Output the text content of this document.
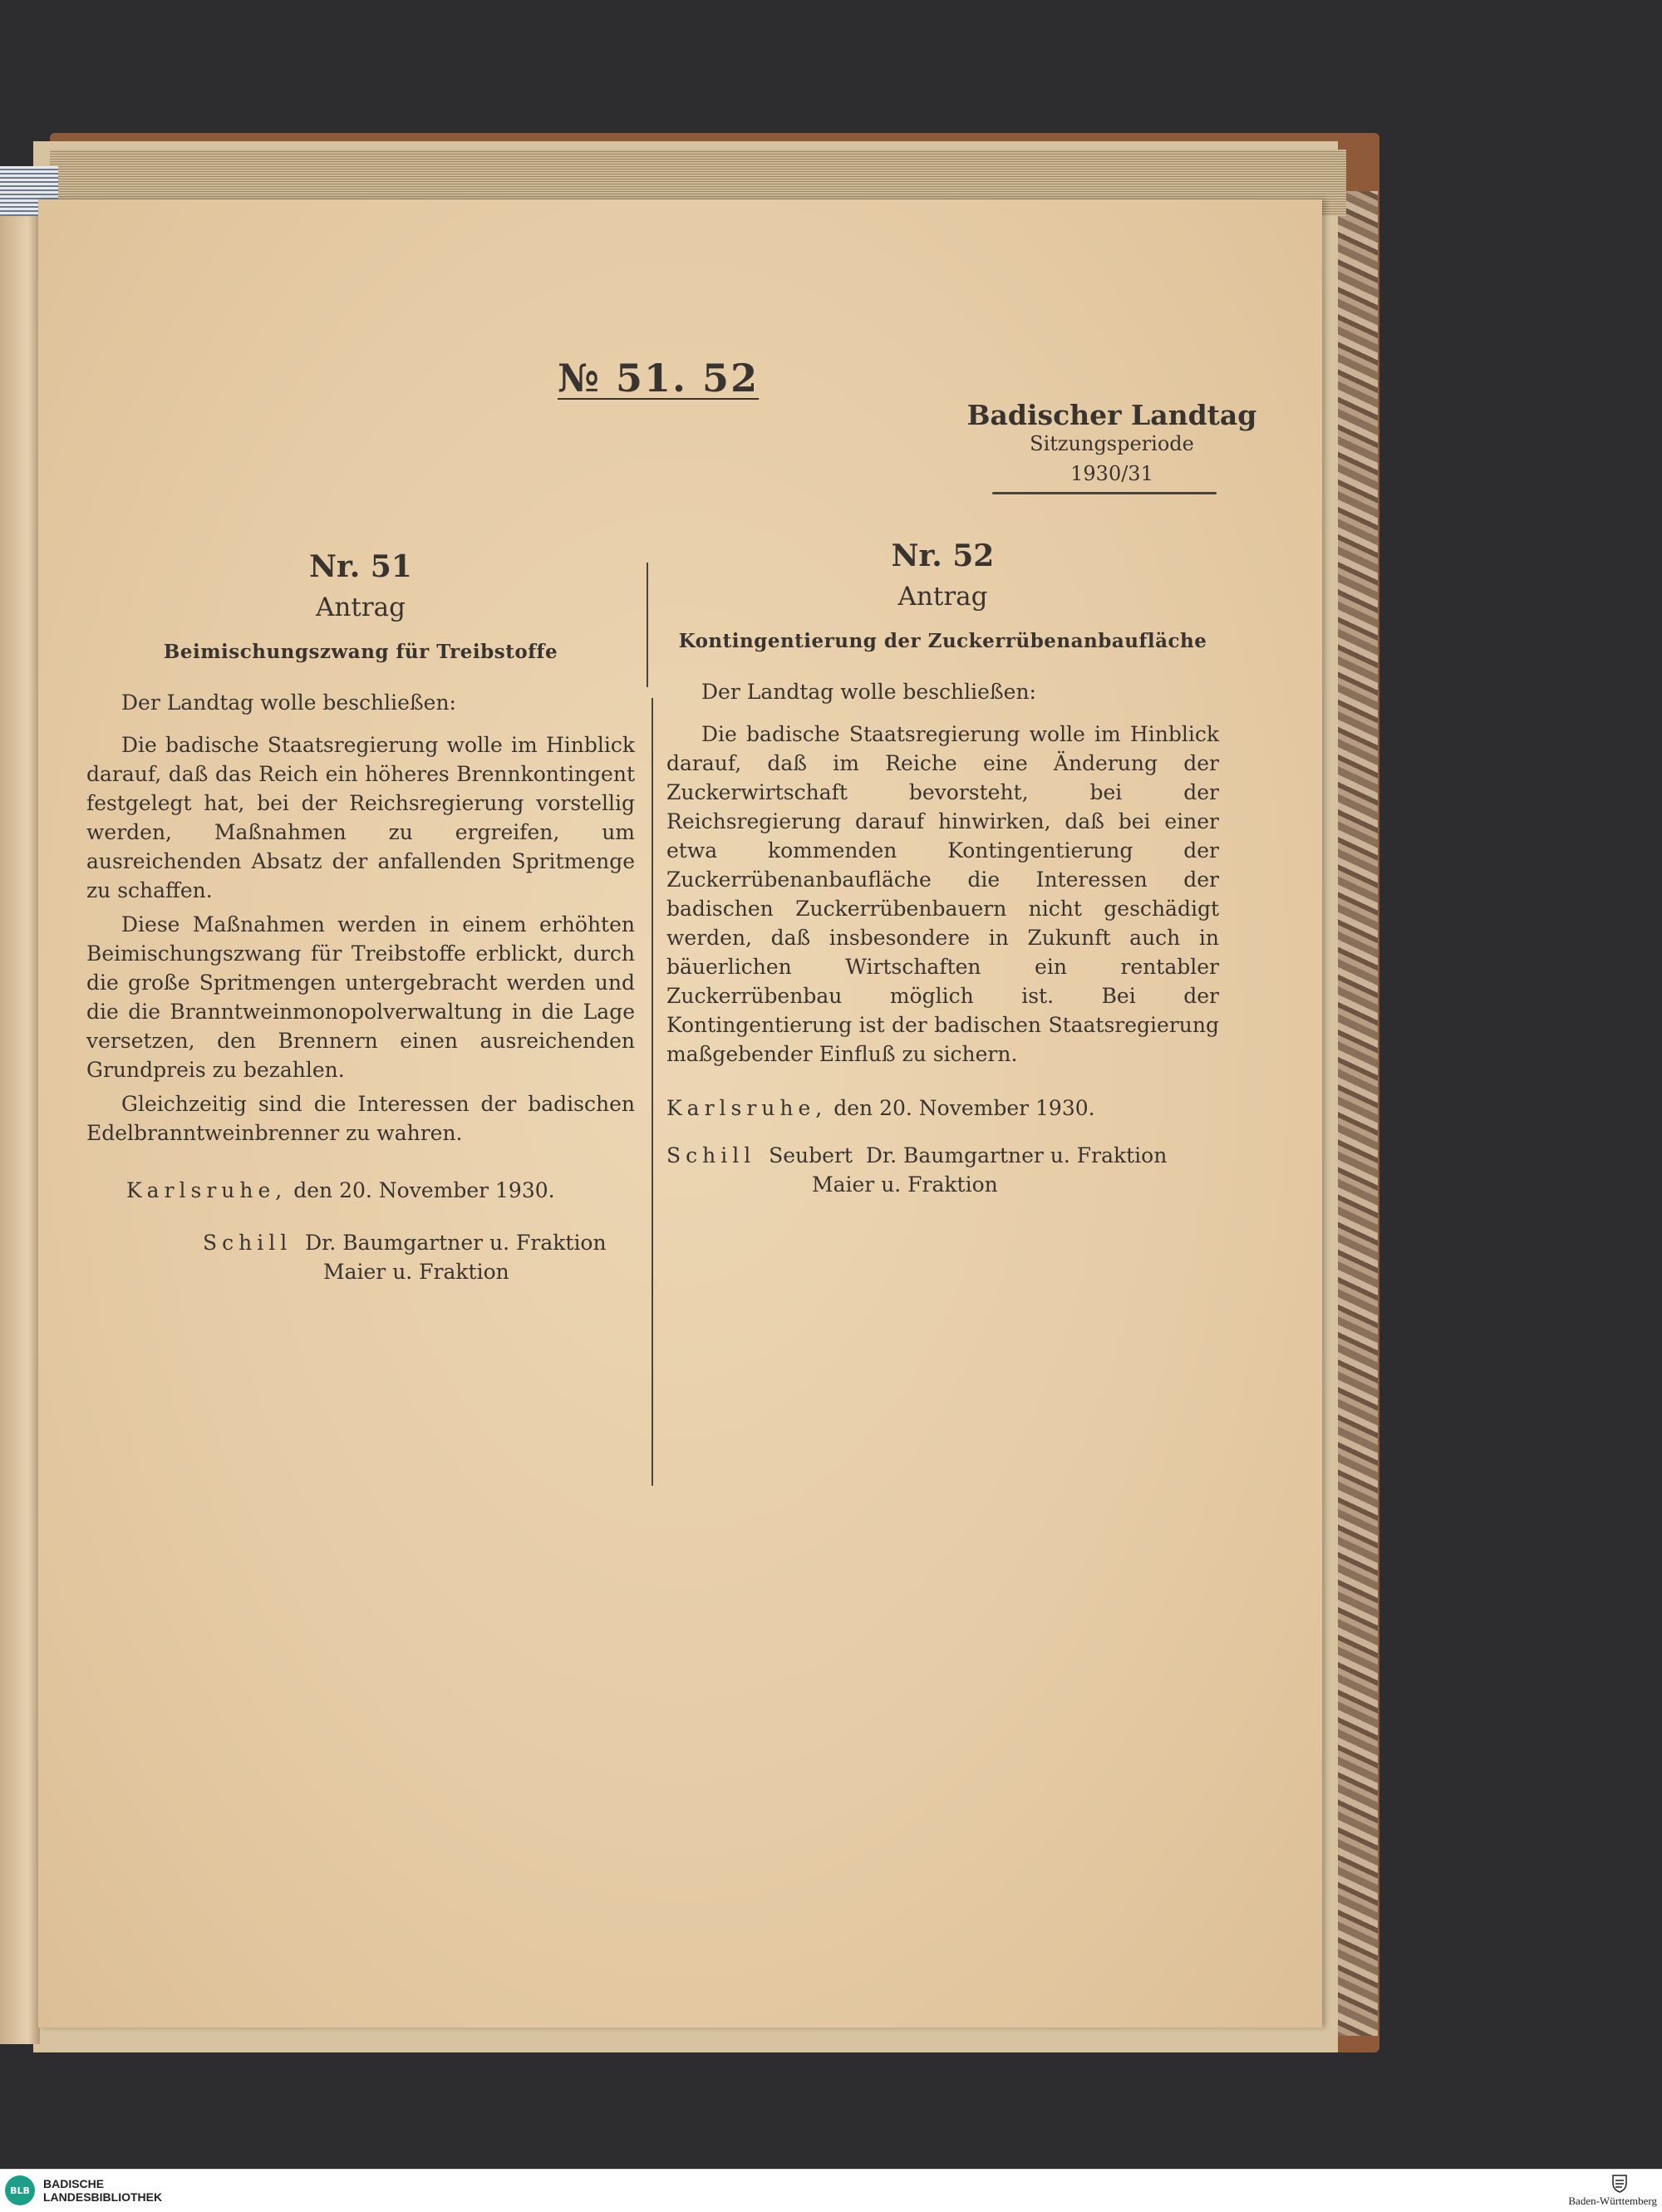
№ 51. 52
Badischer Landtag
Sitzungsperiode
1930/31

Nr. 51

Antrag

Beimischungszwang für Treibstoffe

Der Landtag wolle beschließen:

Die badische Staatsregierung wolle im Hinblick darauf, daß das Reich ein höheres Brennkontingent festgelegt hat, bei der Reichsregierung vorstellig werden, Maßnahmen zu ergreifen, um ausreichenden Absatz der anfallenden Spritmenge zu schaffen.

Diese Maßnahmen werden in einem erhöhten Beimischungszwang für Treibstoffe erblickt, durch die große Spritmengen untergebracht werden und die die Branntweinmonopolverwaltung in die Lage versetzen, den Brennern einen ausreichenden Grundpreis zu bezahlen.

Gleichzeitig sind die Interessen der badischen Edelbranntweinbrenner zu wahren.

Karlsruhe, den 20. November 1930.

Schill Dr. Baumgartner u. Fraktion

Maier u. Fraktion

Nr. 52

Antrag

Kontingentierung der Zuckerrübenanbaufläche

Der Landtag wolle beschließen:

Die badische Staatsregierung wolle im Hinblick darauf, daß im Reiche eine Änderung der Zuckerwirtschaft bevorsteht, bei der Reichsregierung darauf hinwirken, daß bei einer etwa kommenden Kontingentierung der Zuckerrübenanbaufläche die Interessen der badischen Zuckerrübenbauern nicht geschädigt werden, daß insbesondere in Zukunft auch in bäuerlichen Wirtschaften ein rentabler Zuckerrübenbau möglich ist. Bei der Kontingentierung ist der badischen Staatsregierung maßgebender Einfluß zu sichern.

Karlsruhe, den 20. November 1930.

Schill Seubert Dr. Baumgartner u. Fraktion

Maier u. Fraktion

BLB	BADISCHE
LANDESBIBLIOTHEK	Baden-Württemberg
